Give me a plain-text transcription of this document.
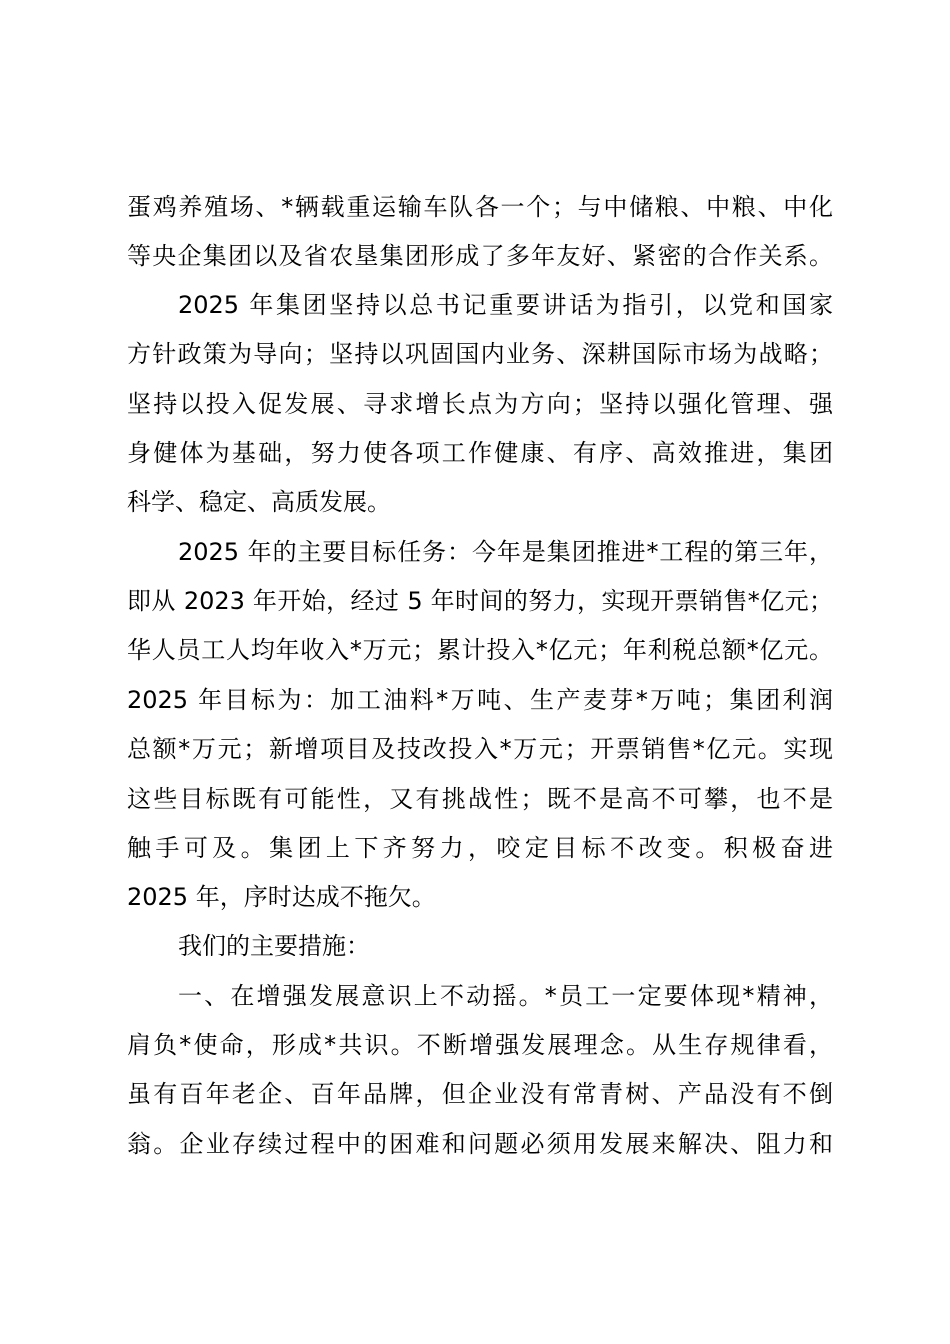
蛋鸡养殖场、*辆载重运输车队各一个；与中储粮、中粮、中化
等央企集团以及省农垦集团形成了多年友好、紧密的合作关系。
2025 年集团坚持以总书记重要讲话为指引，以党和国家
方针政策为导向；坚持以巩固国内业务、深耕国际市场为战略；
坚持以投入促发展、寻求增长点为方向；坚持以强化管理、强
身健体为基础，努力使各项工作健康、有序、高效推进，集团
科学、稳定、高质发展。
2025 年的主要目标任务：今年是集团推进*工程的第三年，
即从 2023 年开始，经过 5 年时间的努力，实现开票销售*亿元；
华人员工人均年收入*万元；累计投入*亿元；年利税总额*亿元。
2025 年目标为：加工油料*万吨、生产麦芽*万吨；集团利润
总额*万元；新增项目及技改投入*万元；开票销售*亿元。实现
这些目标既有可能性，又有挑战性；既不是高不可攀，也不是
触手可及。集团上下齐努力，咬定目标不改变。积极奋进
2025 年，序时达成不拖欠。
我们的主要措施：
一、在增强发展意识上不动摇。*员工一定要体现*精神，
肩负*使命，形成*共识。不断增强发展理念。从生存规律看，
虽有百年老企、百年品牌，但企业没有常青树、产品没有不倒
翁。企业存续过程中的困难和问题必须用发展来解决、阻力和
